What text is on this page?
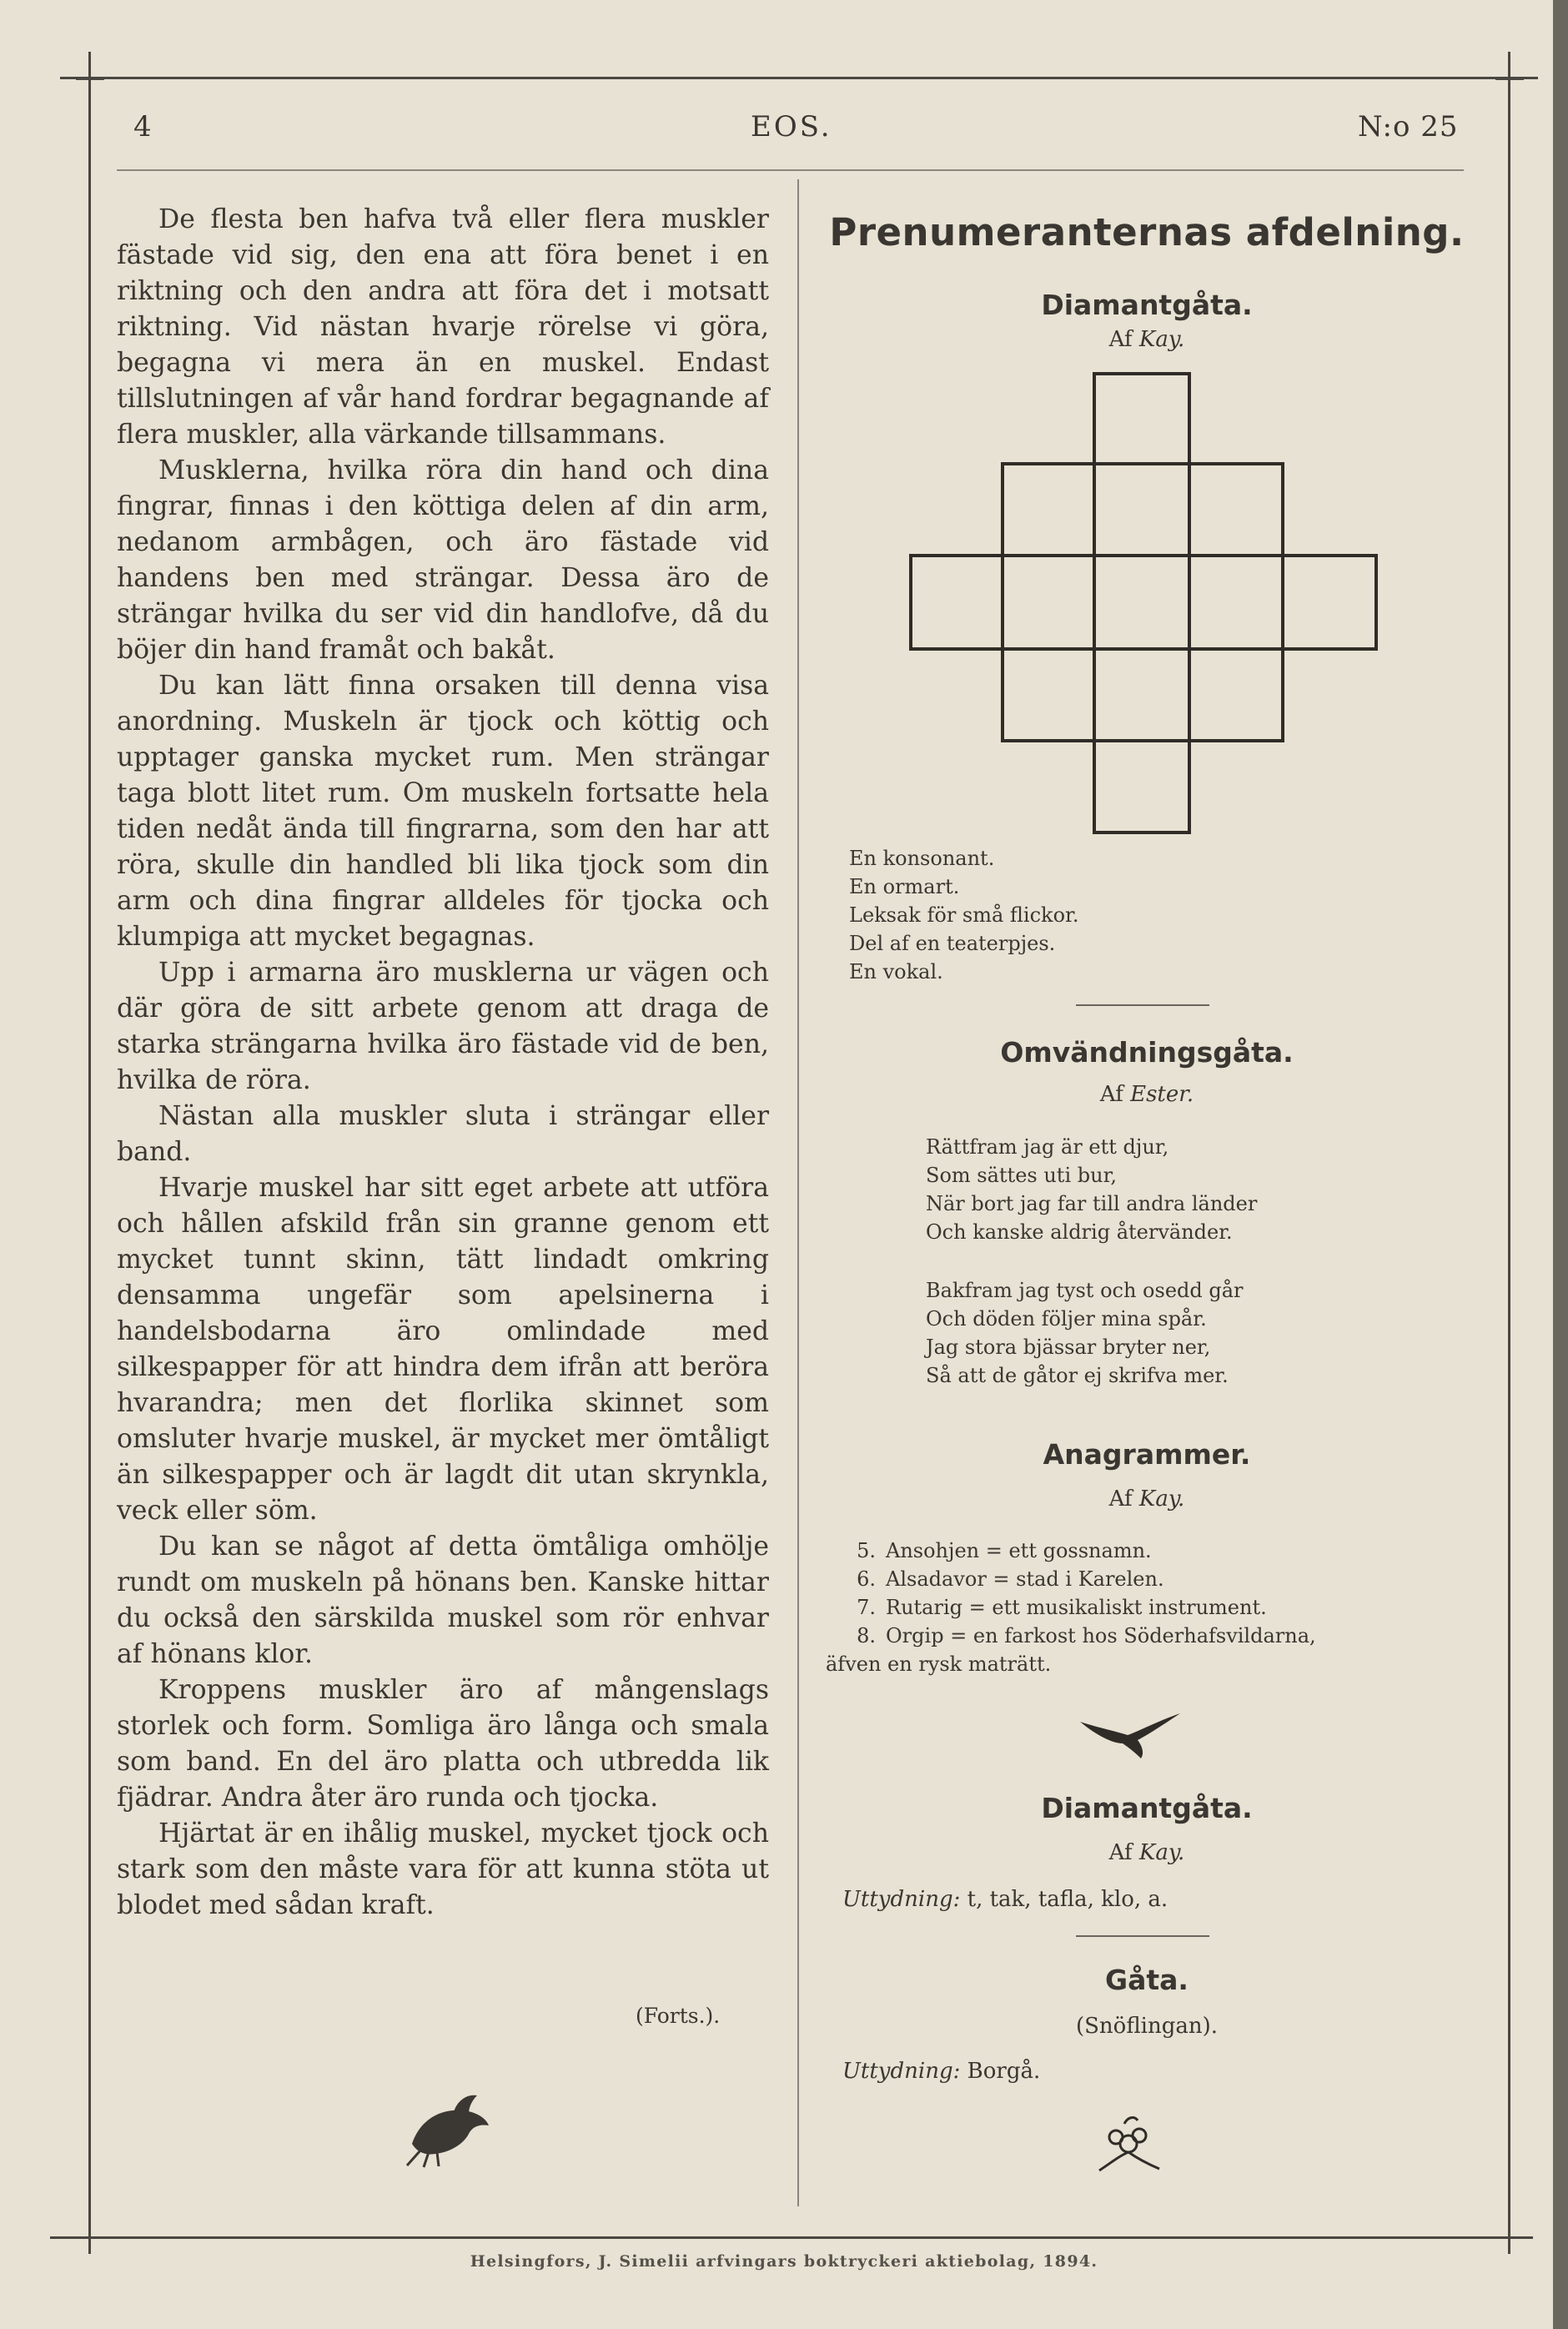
4	EOS.	N:o 25

De flesta ben hafva två eller flera muskler fästade vid sig, den ena att föra benet i en riktning och den andra att föra det i motsatt riktning. Vid nästan hvarje rörelse vi göra, begagna vi mera än en muskel. Endast tillslutningen af vår hand fordrar begagnande af flera muskler, alla värkande tillsammans.

Musklerna, hvilka röra din hand och dina fingrar, finnas i den köttiga delen af din arm, nedanom armbågen, och äro fästade vid handens ben med strängar. Dessa äro de strängar hvilka du ser vid din handlofve, då du böjer din hand framåt och bakåt.

Du kan lätt finna orsaken till denna visa anordning. Muskeln är tjock och köttig och upptager ganska mycket rum. Men strängar taga blott litet rum. Om muskeln fortsatte hela tiden nedåt ända till fingrarna, som den har att röra, skulle din handled bli lika tjock som din arm och dina fingrar alldeles för tjocka och klumpiga att mycket begagnas.

Upp i armarna äro musklerna ur vägen och där göra de sitt arbete genom att draga de starka strängarna hvilka äro fästade vid de ben, hvilka de röra.

Nästan alla muskler sluta i strängar eller band.

Hvarje muskel har sitt eget arbete att utföra och hållen afskild från sin granne genom ett mycket tunnt skinn, tätt lindadt omkring densamma ungefär som apelsinerna i handelsbodarna äro omlindade med silkespapper för att hindra dem ifrån att beröra hvarandra; men det florlika skinnet som omsluter hvarje muskel, är mycket mer ömtåligt än silkespapper och är lagdt dit utan skrynkla, veck eller söm.

Du kan se något af detta ömtåliga omhölje rundt om muskeln på hönans ben. Kanske hittar du också den särskilda muskel som rör enhvar af hönans klor.

Kroppens muskler äro af mångenslags storlek och form. Somliga äro långa och smala som band. En del äro platta och utbredda lik fjädrar. Andra åter äro runda och tjocka.

Hjärtat är en ihålig muskel, mycket tjock och stark som den måste vara för att kunna stöta ut blodet med sådan kraft.

(Forts.).
Prenumeranternas afdelning.
Diamantgåta.
Af Kay.
En konsonant.
En ormart.
Leksak för små flickor.
Del af en teaterpjes.
En vokal.
Omvändningsgåta.
Af Ester.
Rättfram jag är ett djur,
Som sättes uti bur,
När bort jag far till andra länder
Och kanske aldrig återvänder.
Bakfram jag tyst och osedd går
Och döden följer mina spår.
Jag stora bjässar bryter ner,
Så att de gåtor ej skrifva mer.
Anagrammer.
Af Kay.
5. Ansohjen = ett gossnamn.
6. Alsadavor = stad i Karelen.
7. Rutarig = ett musikaliskt instrument.
8. Orgip = en farkost hos Söderhafsvildarna,
äfven en rysk maträtt.
Diamantgåta.
Af Kay.
Uttydning: t, tak, tafla, klo, a.
Gåta.
(Snöflingan).
Uttydning: Borgå.
Helsingfors, J. Simelii arfvingars boktryckeri aktiebolag, 1894.
